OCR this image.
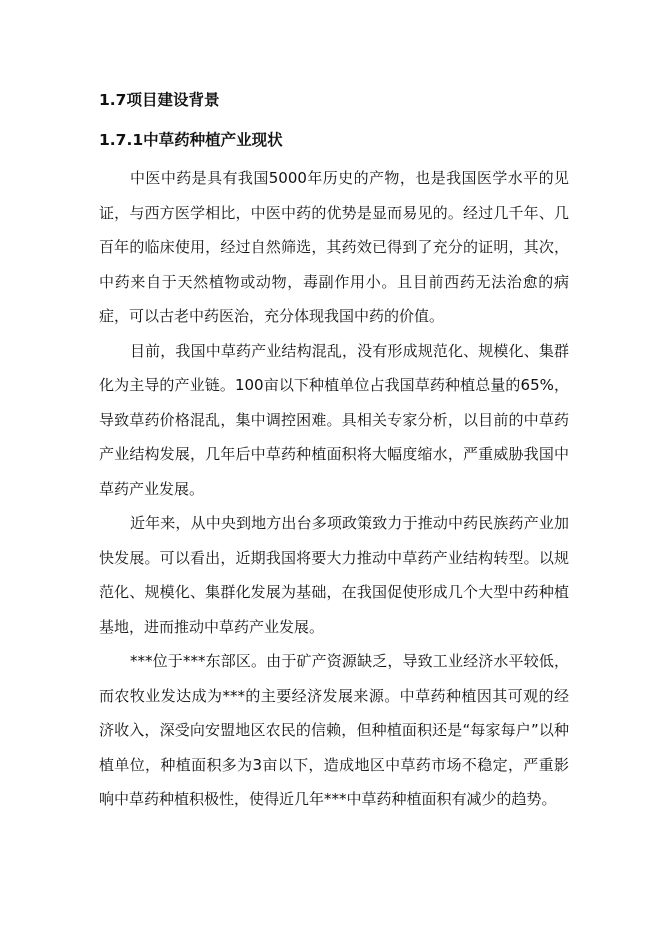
1.7项目建设背景
1.7.1中草药种植产业现状

中医中药是具有我国5000年历史的产物，也是我国医学水平的见证，与西方医学相比，中医中药的优势是显而易见的。经过几千年、几百年的临床使用，经过自然筛选，其药效已得到了充分的证明，其次，中药来自于天然植物或动物，毒副作用小。且目前西药无法治愈的病症，可以古老中药医治，充分体现我国中药的价值。

目前，我国中草药产业结构混乱，没有形成规范化、规模化、集群化为主导的产业链。100亩以下种植单位占我国草药种植总量的65%，导致草药价格混乱，集中调控困难。具相关专家分析，以目前的中草药产业结构发展，几年后中草药种植面积将大幅度缩水，严重威胁我国中草药产业发展。

近年来，从中央到地方出台多项政策致力于推动中药民族药产业加快发展。可以看出，近期我国将要大力推动中草药产业结构转型。以规范化、规模化、集群化发展为基础，在我国促使形成几个大型中药种植基地，进而推动中草药产业发展。

***位于***东部区。由于矿产资源缺乏，导致工业经济水平较低，而农牧业发达成为***的主要经济发展来源。中草药种植因其可观的经济收入，深受向安盟地区农民的信赖，但种植面积还是“每家每户”以种植单位，种植面积多为3亩以下，造成地区中草药市场不稳定，严重影响中草药种植积极性，使得近几年***中草药种植面积有减少的趋势。
